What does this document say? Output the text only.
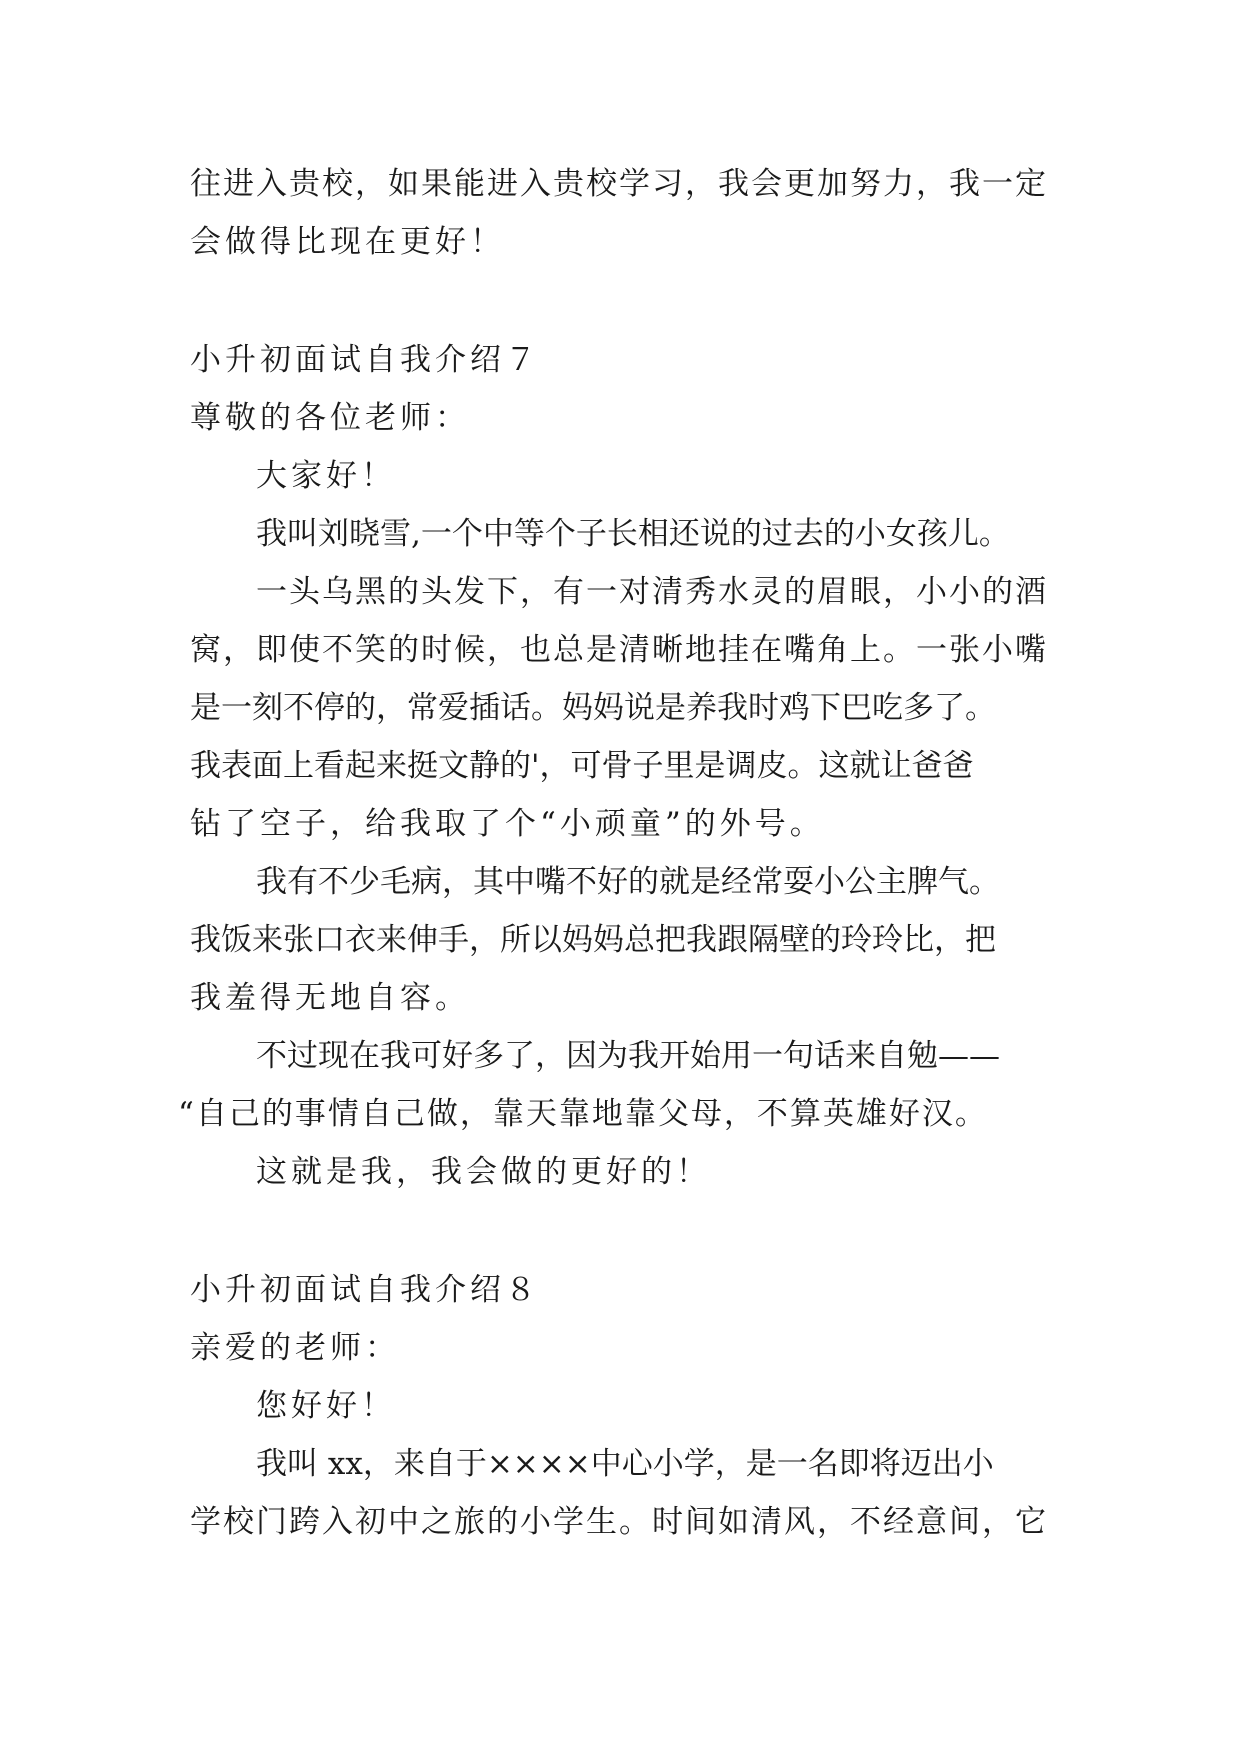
往进入贵校，如果能进入贵校学习，我会更加努力，我一定
会做得比现在更好！
小升初面试自我介绍７
尊敬的各位老师：
大家好！
我叫刘晓雪,一个中等个子长相还说的过去的小女孩儿。
一头乌黑的头发下，有一对清秀水灵的眉眼，小小的酒
窝，即使不笑的时候，也总是清晰地挂在嘴角上。一张小嘴
是一刻不停的，常爱插话。妈妈说是养我时鸡下巴吃多了。
我表面上看起来挺文静的'，可骨子里是调皮。这就让爸爸
钻了空子，给我取了个“小顽童”的外号。
我有不少毛病，其中嘴不好的就是经常耍小公主脾气。
我饭来张口衣来伸手，所以妈妈总把我跟隔壁的玲玲比，把
我羞得无地自容。
不过现在我可好多了，因为我开始用一句话来自勉——
“自己的事情自己做，靠天靠地靠父母，不算英雄好汉。
这就是我，我会做的更好的！
小升初面试自我介绍８
亲爱的老师：
您好好！
我叫 xx，来自于××××中心小学，是一名即将迈出小
学校门跨入初中之旅的小学生。时间如清风，不经意间，它
